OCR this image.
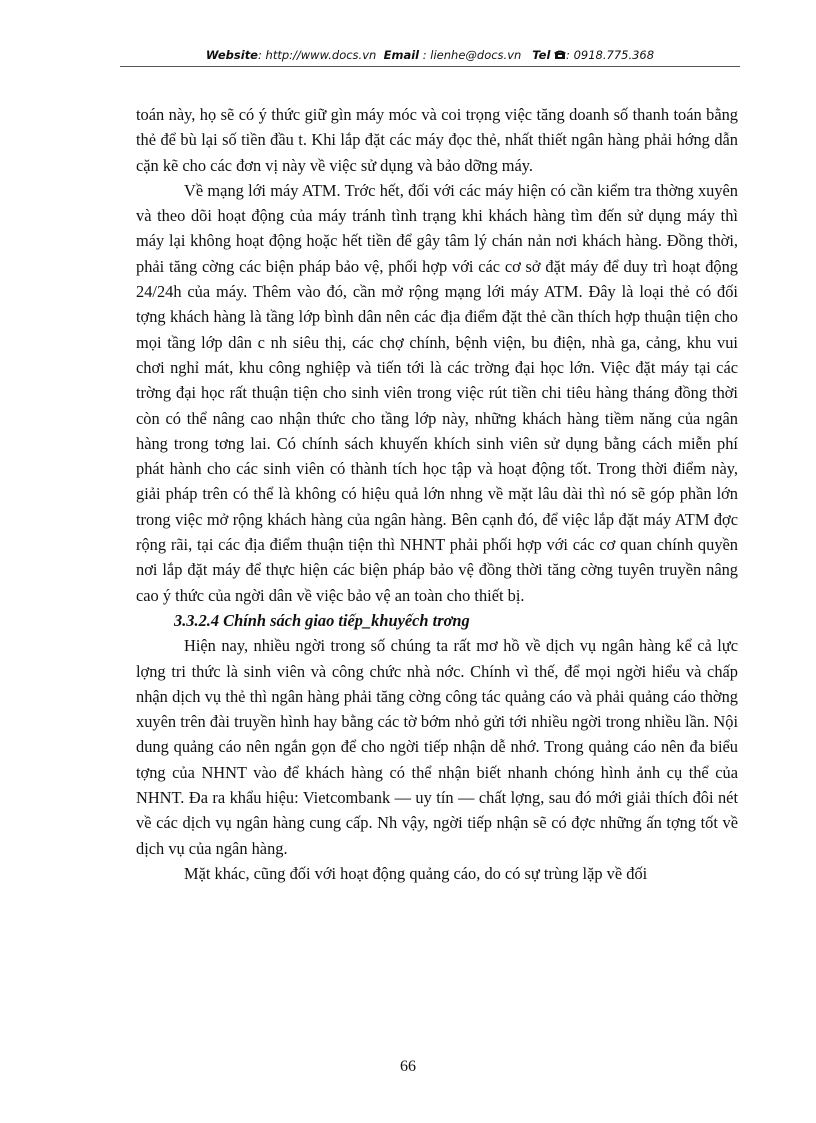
Website: http://www.docs.vn Email : lienhe@docs.vn Tel : 0918.775.368

toán này, họ sẽ có ý thức giữ gìn máy móc và coi trọng việc tăng doanh số thanh toán bằng thẻ để bù lại số tiền đầu t. Khi lắp đặt các máy đọc thẻ, nhất thiết ngân hàng phải hớng dẫn cặn kẽ cho các đơn vị này về việc sử dụng và bảo dỡng máy.

Về mạng lới máy ATM. Trớc hết, đối với các máy hiện có cần kiểm tra thờng xuyên và theo dõi hoạt động của máy tránh tình trạng khi khách hàng tìm đến sử dụng máy thì máy lại không hoạt động hoặc hết tiền để gây tâm lý chán nản nơi khách hàng. Đồng thời, phải tăng cờng các biện pháp bảo vệ, phối hợp với các cơ sở đặt máy để duy trì hoạt động 24/24h của máy. Thêm vào đó, cần mở rộng mạng lới máy ATM. Đây là loại thẻ có đối tợng khách hàng là tầng lớp bình dân nên các địa điểm đặt thẻ cần thích hợp thuận tiện cho mọi tầng lớp dân c nh siêu thị, các chợ chính, bệnh viện, bu điện, nhà ga, cảng, khu vui chơi nghỉ mát, khu công nghiệp và tiến tới là các trờng đại học lớn. Việc đặt máy tại các trờng đại học rất thuận tiện cho sinh viên trong việc rút tiền chi tiêu hàng tháng đồng thời còn có thể nâng cao nhận thức cho tầng lớp này, những khách hàng tiềm năng của ngân hàng trong tơng lai. Có chính sách khuyến khích sinh viên sử dụng bằng cách miễn phí phát hành cho các sinh viên có thành tích học tập và hoạt động tốt. Trong thời điểm này, giải pháp trên có thể là không có hiệu quả lớn nhng về mặt lâu dài thì nó sẽ góp phần lớn trong việc mở rộng khách hàng của ngân hàng. Bên cạnh đó, để việc lắp đặt máy ATM đợc rộng rãi, tại các địa điểm thuận tiện thì NHNT phải phối hợp với các cơ quan chính quyền nơi lắp đặt máy để thực hiện các biện pháp bảo vệ đồng thời tăng cờng tuyên truyền nâng cao ý thức của ngời dân về việc bảo vệ an toàn cho thiết bị.

3.3.2.4 Chính sách giao tiếp_khuyếch trơng

Hiện nay, nhiều ngời trong số chúng ta rất mơ hồ về dịch vụ ngân hàng kể cả lực lợng tri thức là sinh viên và công chức nhà nớc. Chính vì thế, để mọi ngời hiểu và chấp nhận dịch vụ thẻ thì ngân hàng phải tăng cờng công tác quảng cáo và phải quảng cáo thờng xuyên trên đài truyền hình hay bằng các tờ bớm nhỏ gửi tới nhiều ngời trong nhiều lần. Nội dung quảng cáo nên ngắn gọn để cho ngời tiếp nhận dễ nhớ. Trong quảng cáo nên đa biểu tợng của NHNT vào để khách hàng có thể nhận biết nhanh chóng hình ảnh cụ thể của NHNT. Đa ra khẩu hiệu: Vietcombank — uy tín — chất lợng, sau đó mới giải thích đôi nét về các dịch vụ ngân hàng cung cấp. Nh vậy, ngời tiếp nhận sẽ có đợc những ấn tợng tốt về dịch vụ của ngân hàng.

Mặt khác, cũng đối với hoạt động quảng cáo, do có sự trùng lặp về đối

66
